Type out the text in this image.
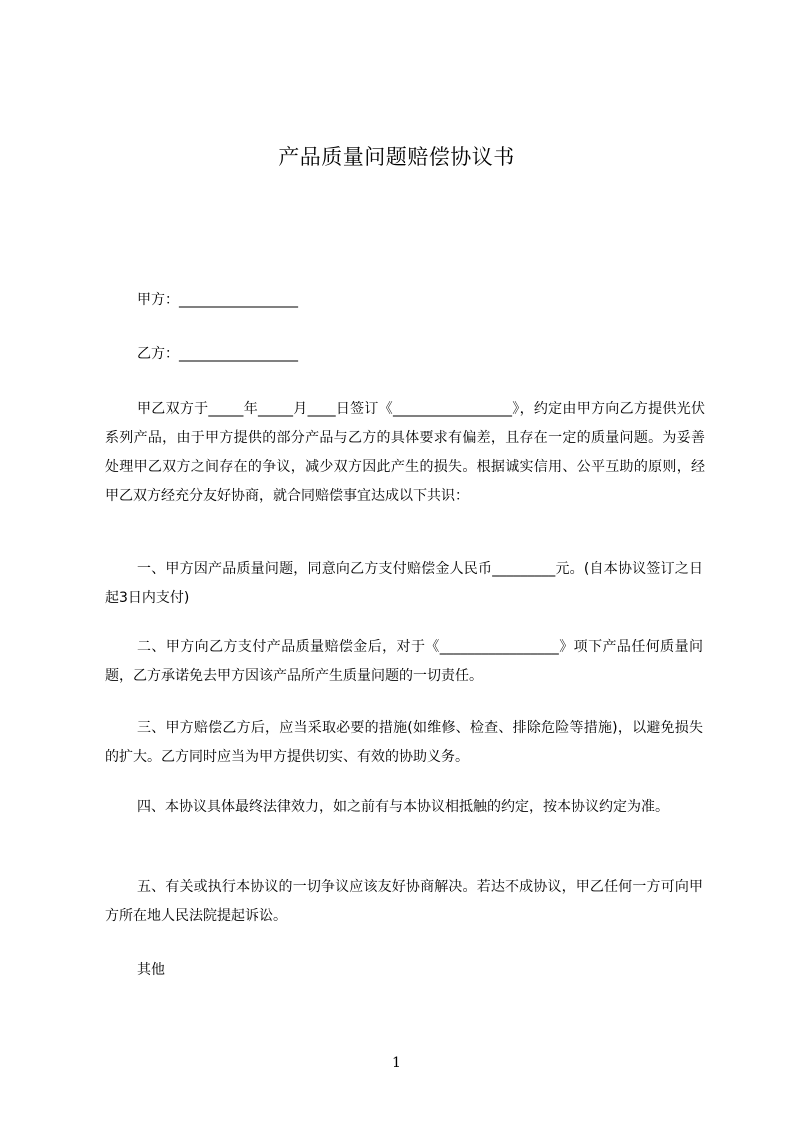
产品质量问题赔偿协议书
甲方：_________________
乙方：_________________
甲乙双方于_____年_____月____日签订《_________________》，约定由甲方向乙方提供光伏系列产品，由于甲方提供的部分产品与乙方的具体要求有偏差，且存在一定的质量问题。为妥善处理甲乙双方之间存在的争议，减少双方因此产生的损失。根据诚实信用、公平互助的原则，经甲乙双方经充分友好协商，就合同赔偿事宜达成以下共识：
一、甲方因产品质量问题，同意向乙方支付赔偿金人民币_________元。(自本协议签订之日起3日内支付)
二、甲方向乙方支付产品质量赔偿金后，对于《_________________》项下产品任何质量问题，乙方承诺免去甲方因该产品所产生质量问题的一切责任。
三、甲方赔偿乙方后，应当采取必要的措施(如维修、检查、排除危险等措施)，以避免损失的扩大。乙方同时应当为甲方提供切实、有效的协助义务。
四、本协议具体最终法律效力，如之前有与本协议相抵触的约定，按本协议约定为准。
五、有关或执行本协议的一切争议应该友好协商解决。若达不成协议，甲乙任何一方可向甲方所在地人民法院提起诉讼。
其他
1
